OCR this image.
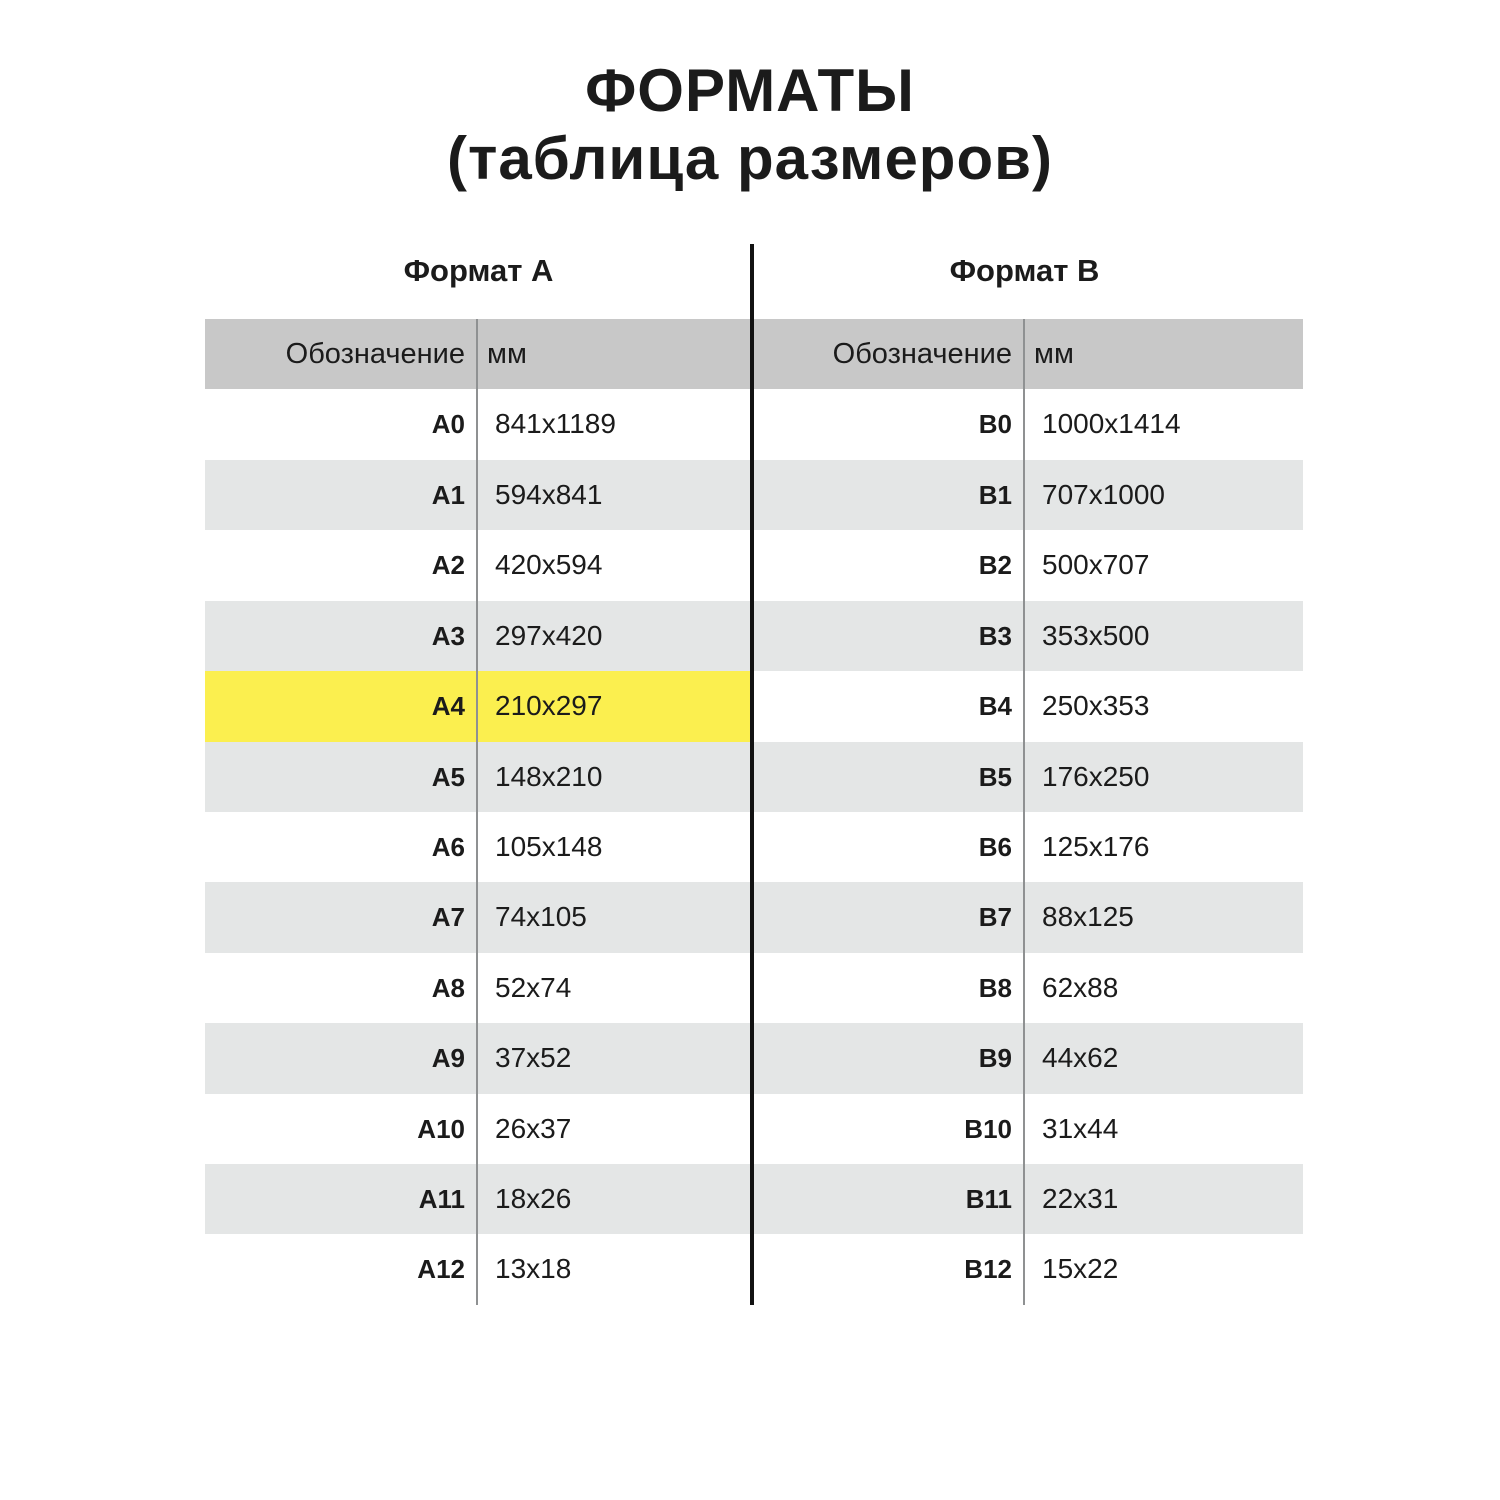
ФОРМАТЫ
(таблица размеров)
Формат А	Формат B
Обозначение мм
A0	841x1189
A1	594x841
A2	420x594
A3	297x420
A4	210x297
A5	148x210
A6	105x148
A7	74x105
A8	52x74
A9	37x52
A10	26x37
A11	18x26
A12	13x18
Обозначение мм
B0	1000x1414
B1	707x1000
B2	500x707
B3	353x500
B4	250x353
B5	176x250
B6	125x176
B7	88x125
B8	62x88
B9	44x62
B10	31x44
B11	22x31
B12	15x22
